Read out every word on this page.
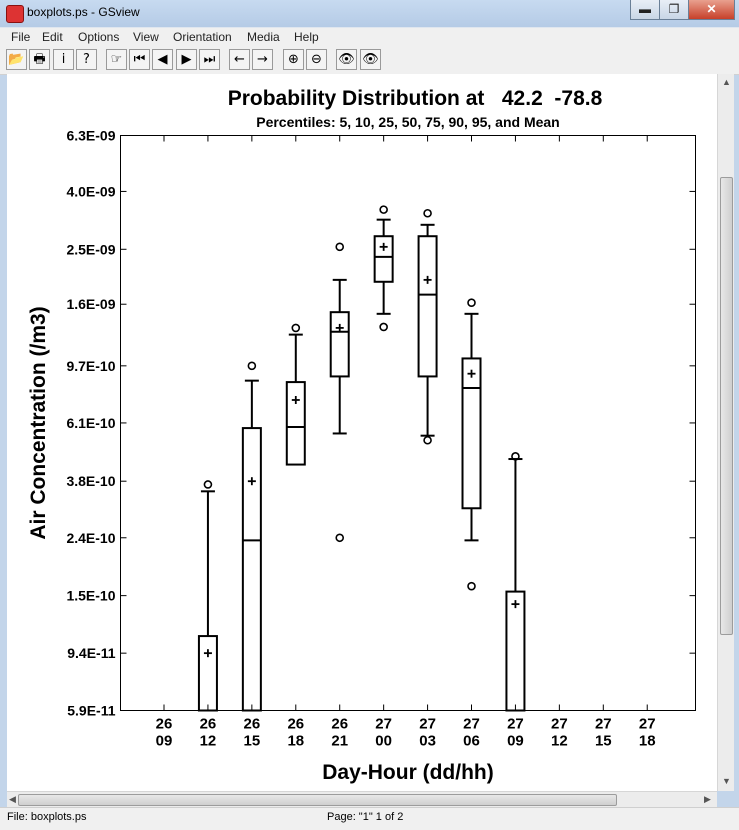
boxplots.ps - GSview	▬	❐	✕
File Edit Options View Orientation Media Help
📂 🖶	i	?	☞ ⏮ ◀	▶ ⏭	← →	⊕ ⊖	👁 👁
Probability Distribution at   42.2  -78.8
Percentiles: 5, 10, 25, 50, 75, 90, 95, and Mean
6.3E-09
4.0E-09
2.5E-09
1.6E-09
9.7E-10
6.1E-10
3.8E-10
2.4E-10
1.5E-10
9.4E-11
5.9E-11
26
09
26
12
26
15
26
18
26
21
27
00
27
03
27
06
27
09
27
12
27
15
27
18
Air Concentration (/m3)
Day-Hour (dd/hh)
▲
▼
◀	▶
File: boxplots.ps	Page: "1" 1 of 2
